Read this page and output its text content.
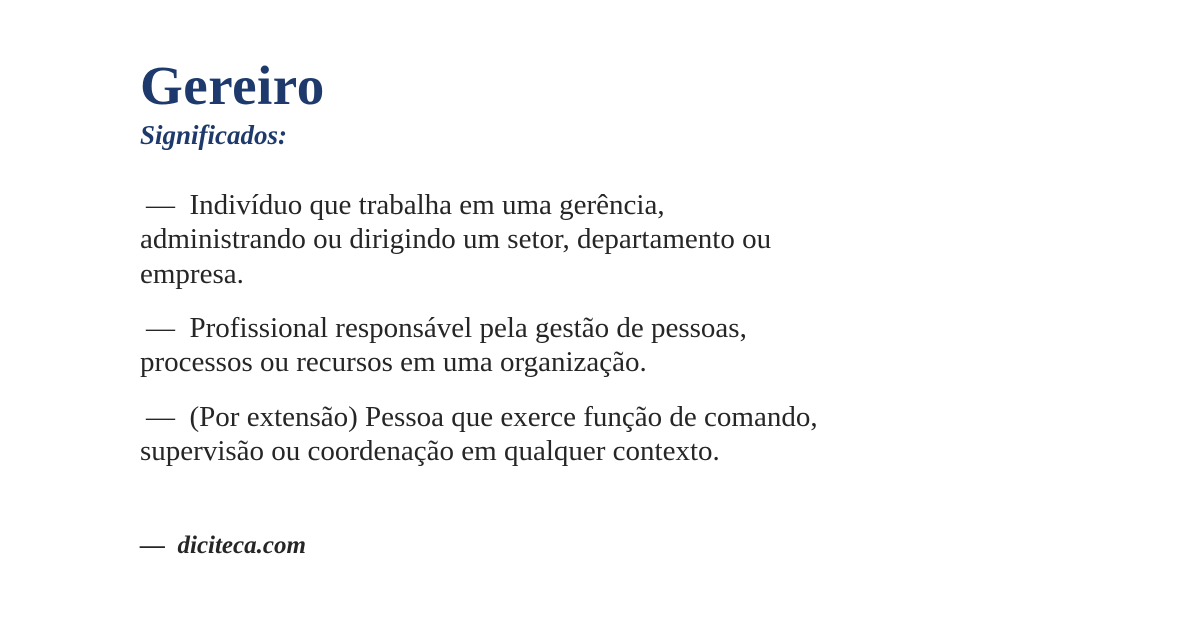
Gereiro
Significados:

— Indivíduo que trabalha em uma gerência,
administrando ou dirigindo um setor, departamento ou
empresa.

— Profissional responsável pela gestão de pessoas,
processos ou recursos em uma organização.

— (Por extensão) Pessoa que exerce função de comando,
supervisão ou coordenação em qualquer contexto.

— diciteca.com
